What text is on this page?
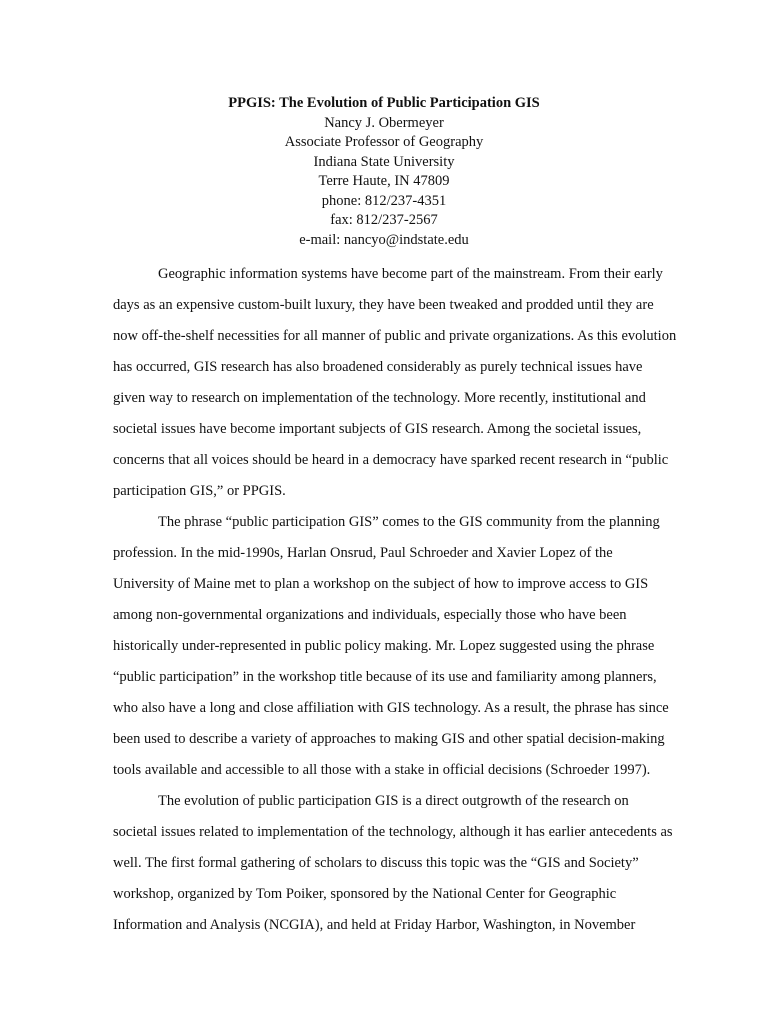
PPGIS: The Evolution of Public Participation GIS
Nancy J. Obermeyer
Associate Professor of Geography
Indiana State University
Terre Haute, IN 47809
phone: 812/237-4351
fax: 812/237-2567
e-mail: nancyo@indstate.edu
Geographic information systems have become part of the mainstream. From their early
days as an expensive custom-built luxury, they have been tweaked and prodded until they are
now off-the-shelf necessities for all manner of public and private organizations. As this evolution
has occurred, GIS research has also broadened considerably as purely technical issues have
given way to research on implementation of the technology. More recently, institutional and
societal issues have become important subjects of GIS research. Among the societal issues,
concerns that all voices should be heard in a democracy have sparked recent research in “public
participation GIS,” or PPGIS.
The phrase “public participation GIS” comes to the GIS community from the planning
profession. In the mid-1990s, Harlan Onsrud, Paul Schroeder and Xavier Lopez of the
University of Maine met to plan a workshop on the subject of how to improve access to GIS
among non-governmental organizations and individuals, especially those who have been
historically under-represented in public policy making. Mr. Lopez suggested using the phrase
“public participation” in the workshop title because of its use and familiarity among planners,
who also have a long and close affiliation with GIS technology. As a result, the phrase has since
been used to describe a variety of approaches to making GIS and other spatial decision-making
tools available and accessible to all those with a stake in official decisions (Schroeder 1997).
The evolution of public participation GIS is a direct outgrowth of the research on
societal issues related to implementation of the technology, although it has earlier antecedents as
well. The first formal gathering of scholars to discuss this topic was the “GIS and Society”
workshop, organized by Tom Poiker, sponsored by the National Center for Geographic
Information and Analysis (NCGIA), and held at Friday Harbor, Washington, in November
